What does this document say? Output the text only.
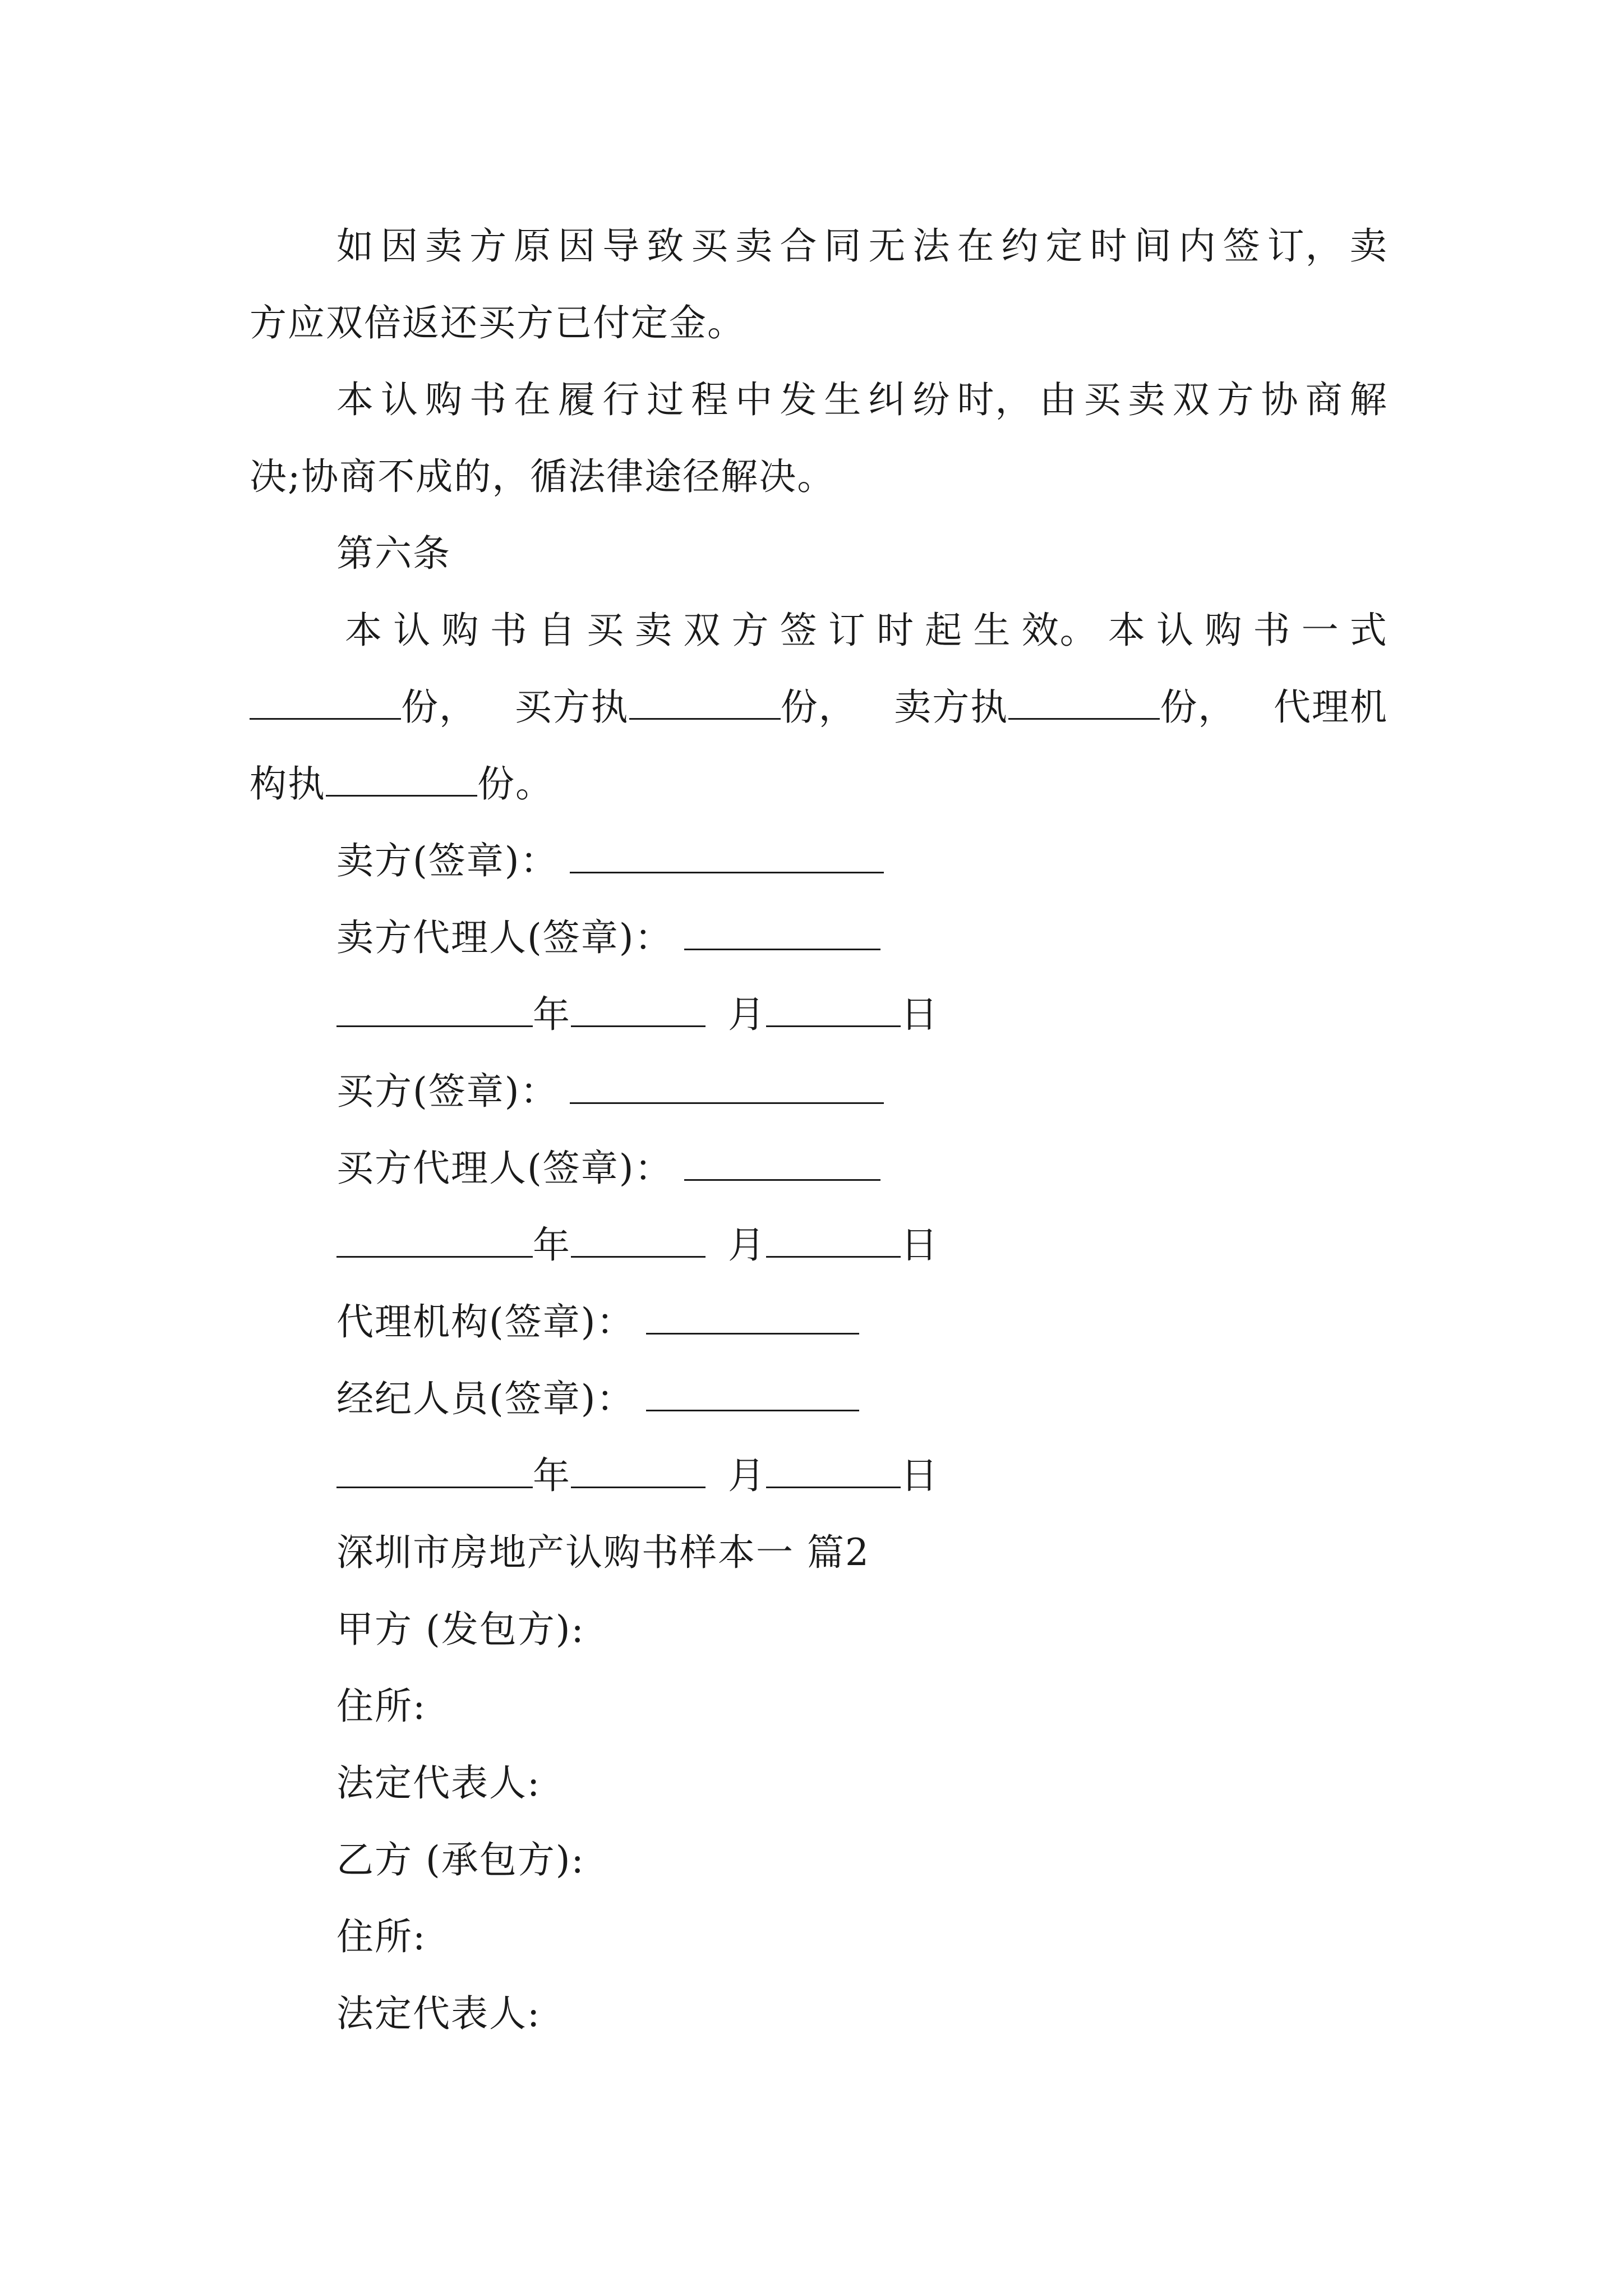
如 因 卖 方 原 因 导 致 买 卖 合 同 无 法 在 约 定 时 间 内 签 订， 卖
方应双倍返还买方已付定金。
本 认 购 书 在 履 行 过 程 中 发 生 纠 纷 时， 由 买 卖 双 方 协 商 解
决;协商不成的，循法律途径解决。
第六条
本 认 购 书 自 买 卖 双 方 签 订 时 起 生 效。 本 认 购 书 一 式
份， 买方执	份， 卖方执	份， 代理机
构执	份。
卖方(签章)：
卖方代理人(签章)：
年	月	日
买方(签章)：
买方代理人(签章)：
年	月	日
代理机构(签章)：
经纪人员(签章)：
年	月	日
深圳市房地产认购书样本一 篇2
甲方 (发包方):
住所:
法定代表人:
乙方 (承包方):
住所:
法定代表人:
